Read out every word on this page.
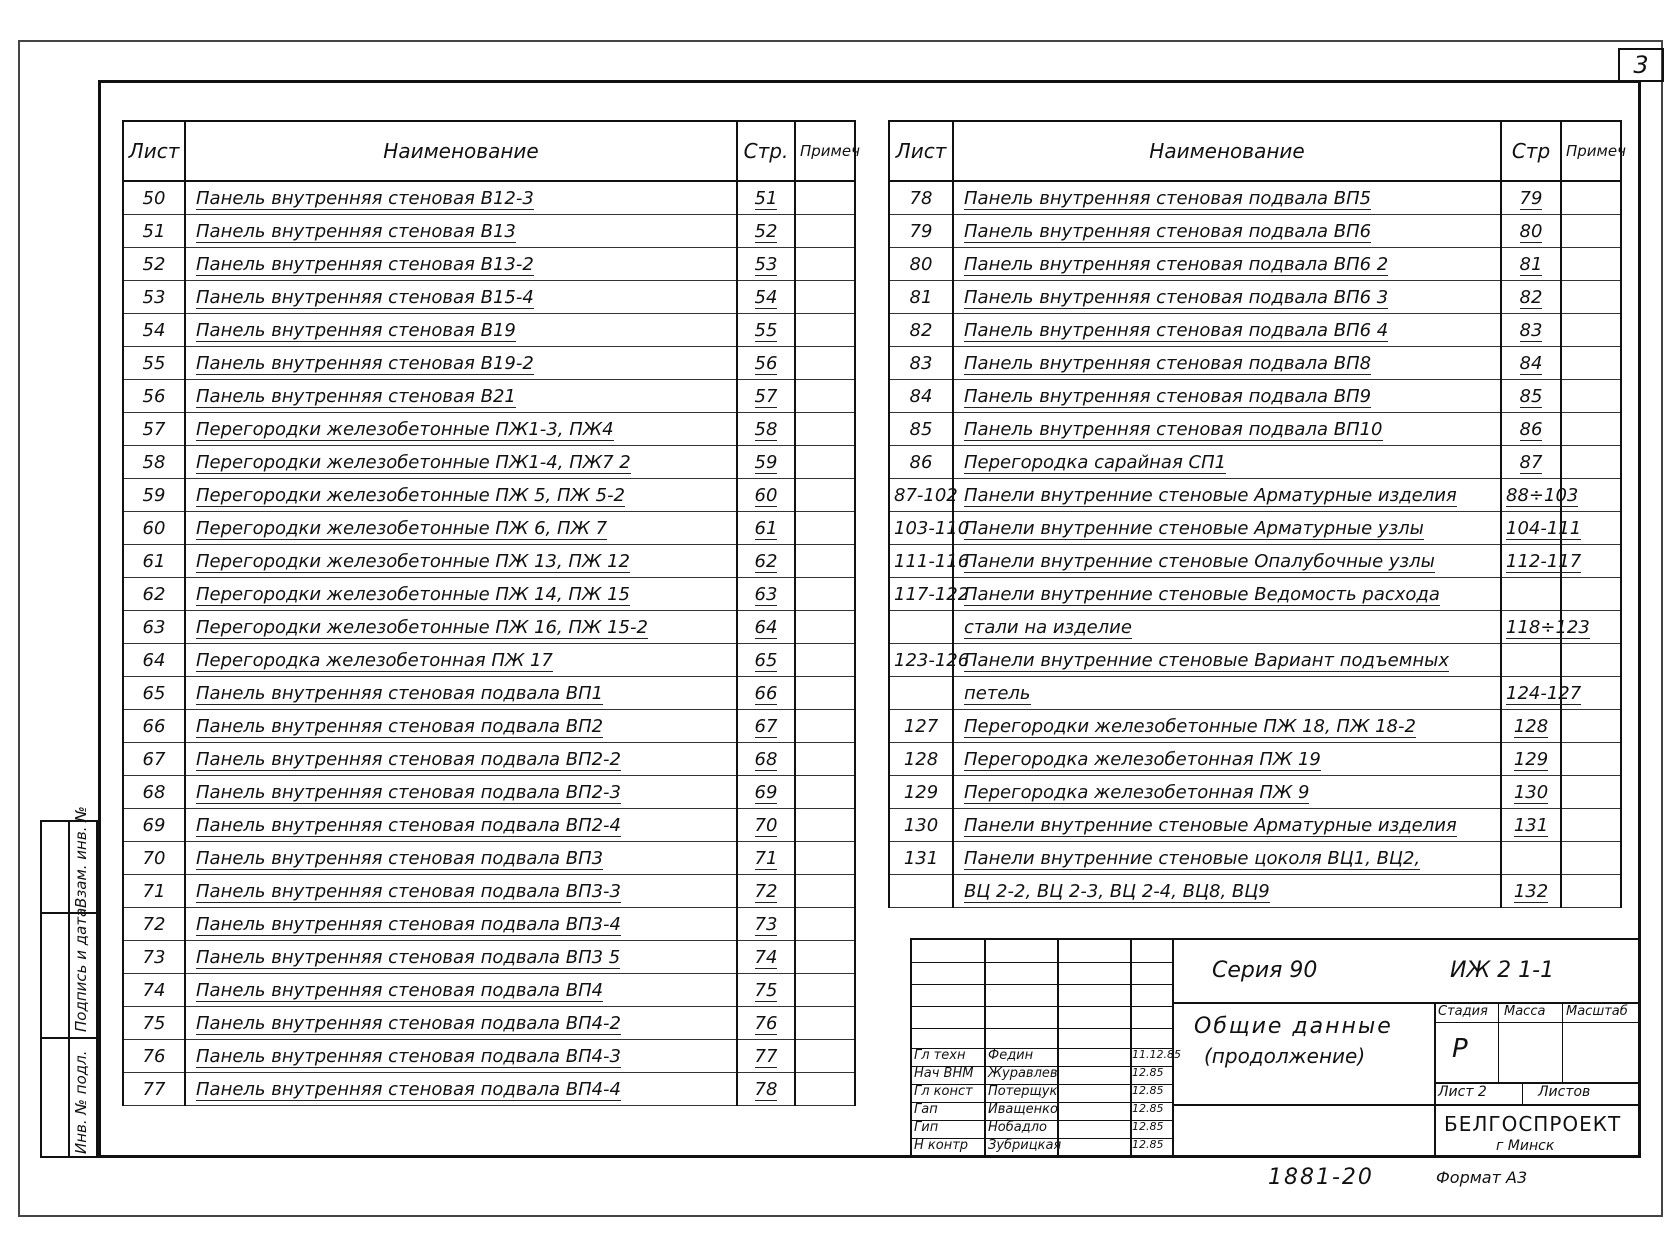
3
Лист	Наименование	Стр.	Примеч
50	Панель внутренняя стеновая В12-3	51	
51	Панель внутренняя стеновая В13	52	
52	Панель внутренняя стеновая В13-2	53	
53	Панель внутренняя стеновая В15-4	54	
54	Панель внутренняя стеновая В19	55	
55	Панель внутренняя стеновая В19-2	56	
56	Панель внутренняя стеновая В21	57	
57	Перегородки железобетонные ПЖ1-3, ПЖ4	58	
58	Перегородки железобетонные ПЖ1-4, ПЖ7 2	59	
59	Перегородки железобетонные ПЖ 5, ПЖ 5-2	60	
60	Перегородки железобетонные ПЖ 6, ПЖ 7	61	
61	Перегородки железобетонные ПЖ 13, ПЖ 12	62	
62	Перегородки железобетонные ПЖ 14, ПЖ 15	63	
63	Перегородки железобетонные ПЖ 16, ПЖ 15-2	64	
64	Перегородка железобетонная ПЖ 17	65	
65	Панель внутренняя стеновая подвала ВП1	66	
66	Панель внутренняя стеновая подвала ВП2	67	
67	Панель внутренняя стеновая подвала ВП2-2	68	
68	Панель внутренняя стеновая подвала ВП2-3	69	
69	Панель внутренняя стеновая подвала ВП2-4	70	
70	Панель внутренняя стеновая подвала ВП3	71	
71	Панель внутренняя стеновая подвала ВП3-3	72	
72	Панель внутренняя стеновая подвала ВП3-4	73	
73	Панель внутренняя стеновая подвала ВП3 5	74	
74	Панель внутренняя стеновая подвала ВП4	75	
75	Панель внутренняя стеновая подвала ВП4-2	76	
76	Панель внутренняя стеновая подвала ВП4-3	77	
77	Панель внутренняя стеновая подвала ВП4-4	78	
Лист	Наименование	Стр	Примеч
78	Панель внутренняя стеновая подвала ВП5	79	
79	Панель внутренняя стеновая подвала ВП6	80	
80	Панель внутренняя стеновая подвала ВП6 2	81	
81	Панель внутренняя стеновая подвала ВП6 3	82	
82	Панель внутренняя стеновая подвала ВП6 4	83	
83	Панель внутренняя стеновая подвала ВП8	84	
84	Панель внутренняя стеновая подвала ВП9	85	
85	Панель внутренняя стеновая подвала ВП10	86	
86	Перегородка сарайная СП1	87	
87-102	Панели внутренние стеновые Арматурные изделия	88÷103	
103-110	Панели внутренние стеновые Арматурные узлы	104-111	
111-116	Панели внутренние стеновые Опалубочные узлы	112-117	
117-122	Панели внутренние стеновые Ведомость расхода		
	стали на изделие	118÷123	
123-126	Панели внутренние стеновые Вариант подъемных		
	петель	124-127	
127	Перегородки железобетонные ПЖ 18, ПЖ 18-2	128	
128	Перегородка железобетонная ПЖ 19	129	
129	Перегородка железобетонная ПЖ 9	130	
130	Панели внутренние стеновые Арматурные изделия	131	
131	Панели внутренние стеновые цоколя ВЦ1, ВЦ2,		
	ВЦ 2-2, ВЦ 2-3, ВЦ 2-4, ВЦ8, ВЦ9	132	
Инв. № подл.
Подпись и дата
Взам. инв. №
Серия 90	ИЖ 2 1-1
Общие данные
(продолжение)
Стадия Масса Масштаб
Р
Лист 2	Листов
БЕЛГОСПРОЕКТ
г Минск
Гл техн Федин	11.12.85
Нач ВНМ Журавлев	12.85
Гл конст Потерщук	12.85
Гап	Иващенко	12.85
Гип	Нобадло	12.85
Н контр Зубрицкая	12.85
1881-20	Формат А3
